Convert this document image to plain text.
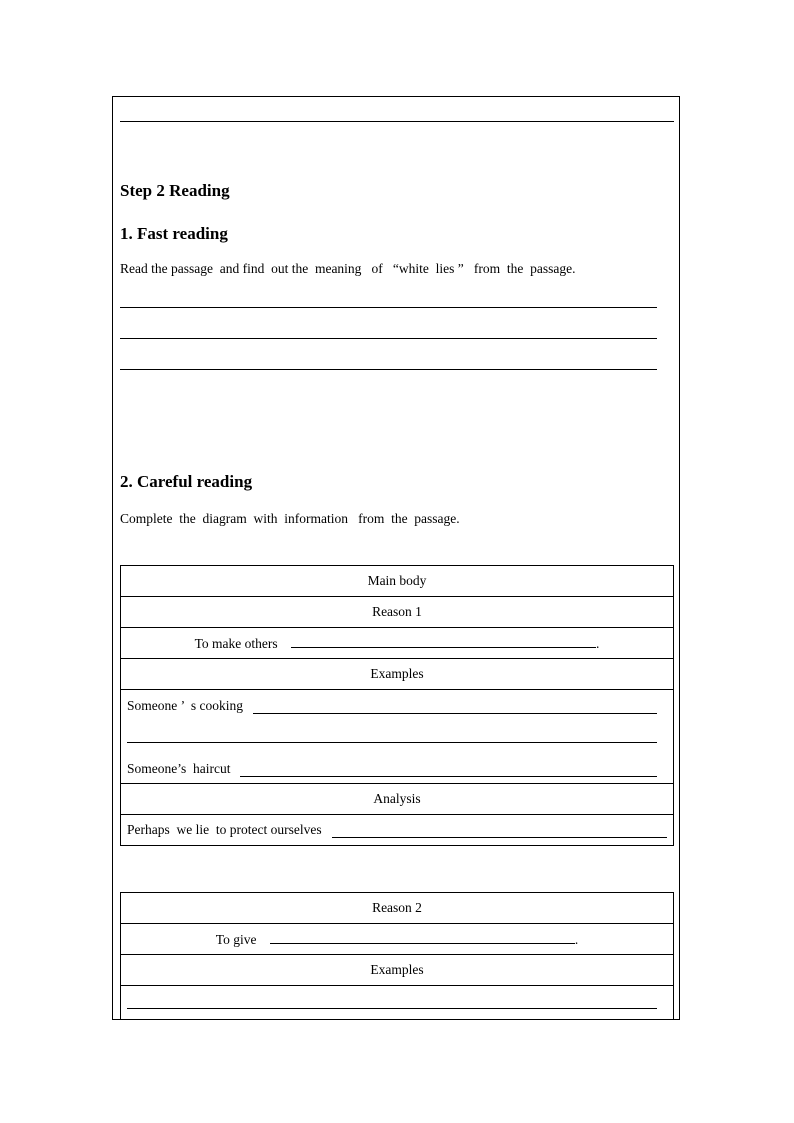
Step 2 Reading
1. Fast reading
Read the passage  and find  out the  meaning   of   “white  lies ”   from  the  passage.
2. Careful reading
Complete  the  diagram  with  information   from  the  passage.
Main body
Reason 1
To make others	.
Examples

Someone ’  s cooking
Someone’s  haircut

Analysis

Perhaps  we lie  to protect ourselves
Reason 2
To give	.
Examples
